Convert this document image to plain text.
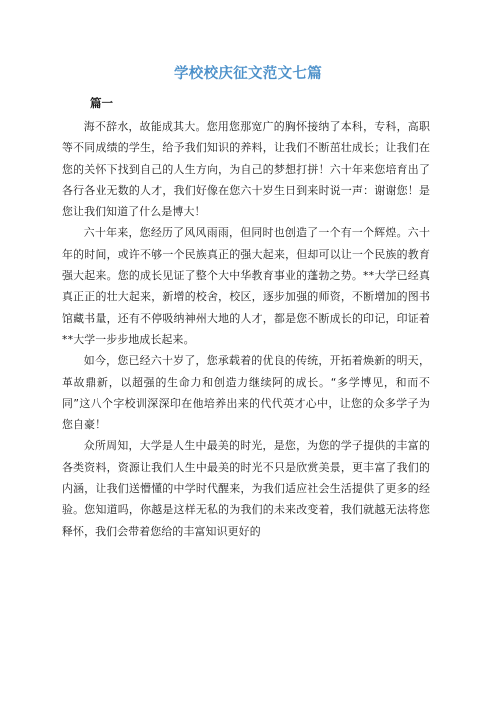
学校校庆征文范文七篇
篇一

海不辞水，故能成其大。您用您那宽广的胸怀接纳了本科，专科，高职等不同成绩的学生，给予我们知识的养料，让我们不断茁壮成长；让我们在您的关怀下找到自己的人生方向，为自己的梦想打拼！六十年来您培育出了各行各业无数的人才，我们好像在您六十岁生日到来时说一声：谢谢您！是您让我们知道了什么是博大！

六十年来，您经历了风风雨雨，但同时也创造了一个有一个辉煌。六十年的时间，或许不够一个民族真正的强大起来，但却可以让一个民族的教育强大起来。您的成长见证了整个大中华教育事业的蓬勃之势。**大学已经真真正正的壮大起来，新增的校舍，校区，逐步加强的师资，不断增加的图书馆藏书量，还有不停吸纳神州大地的人才，都是您不断成长的印记，印证着**大学一步步地成长起来。

如今，您已经六十岁了，您承载着的优良的传统，开拓着焕新的明天，革故鼎新，以超强的生命力和创造力继续阿的成长。“多学博见，和而不同”这八个字校训深深印在他培养出来的代代英才心中，让您的众多学子为您自豪！

众所周知，大学是人生中最美的时光，是您，为您的学子提供的丰富的各类资料，资源让我们人生中最美的时光不只是欣赏美景，更丰富了我们的内涵，让我们送懵懂的中学时代醒来，为我们适应社会生活提供了更多的经验。您知道吗，你越是这样无私的为我们的未来改变着，我们就越无法将您释怀，我们会带着您给的丰富知识更好的
